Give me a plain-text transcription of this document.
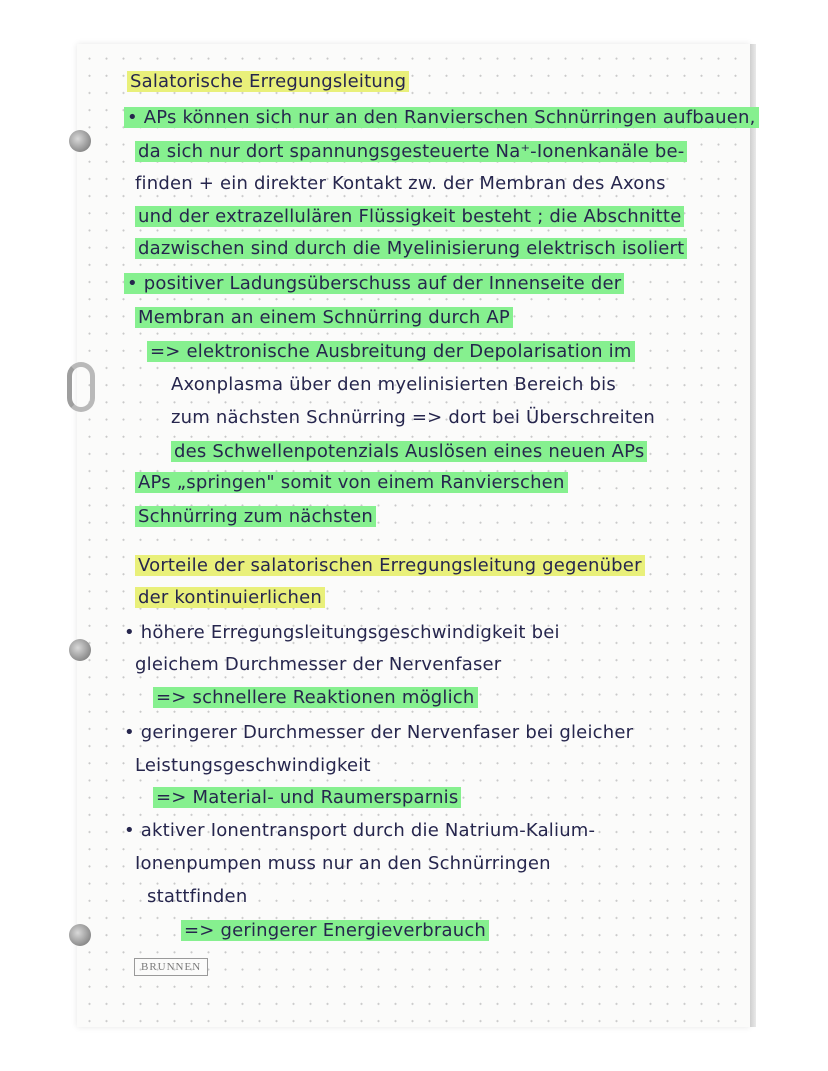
Salatorische Erregungsleitung
• APs können sich nur an den Ranvierschen Schnürringen aufbauen,
da sich nur dort spannungsgesteuerte Na⁺-Ionenkanäle be-
finden + ein direkter Kontakt zw. der Membran des Axons
und der extrazellulären Flüssigkeit besteht ; die Abschnitte
dazwischen sind durch die Myelinisierung elektrisch isoliert
• positiver Ladungsüberschuss auf der Innenseite der
Membran an einem Schnürring durch AP
=> elektronische Ausbreitung der Depolarisation im
Axonplasma über den myelinisierten Bereich bis
zum nächsten Schnürring => dort bei Überschreiten
des Schwellenpotenzials Auslösen eines neuen APs
APs „springen" somit von einem Ranvierschen
Schnürring zum nächsten
Vorteile der salatorischen Erregungsleitung gegenüber
der kontinuierlichen
• höhere Erregungsleitungsgeschwindigkeit bei
gleichem Durchmesser der Nervenfaser
=> schnellere Reaktionen möglich
• geringerer Durchmesser der Nervenfaser bei gleicher
Leistungsgeschwindigkeit
=> Material- und Raumersparnis
• aktiver Ionentransport durch die Natrium-Kalium-
Ionenpumpen muss nur an den Schnürringen
stattfinden
=> geringerer Energieverbrauch
BRUNNEN
